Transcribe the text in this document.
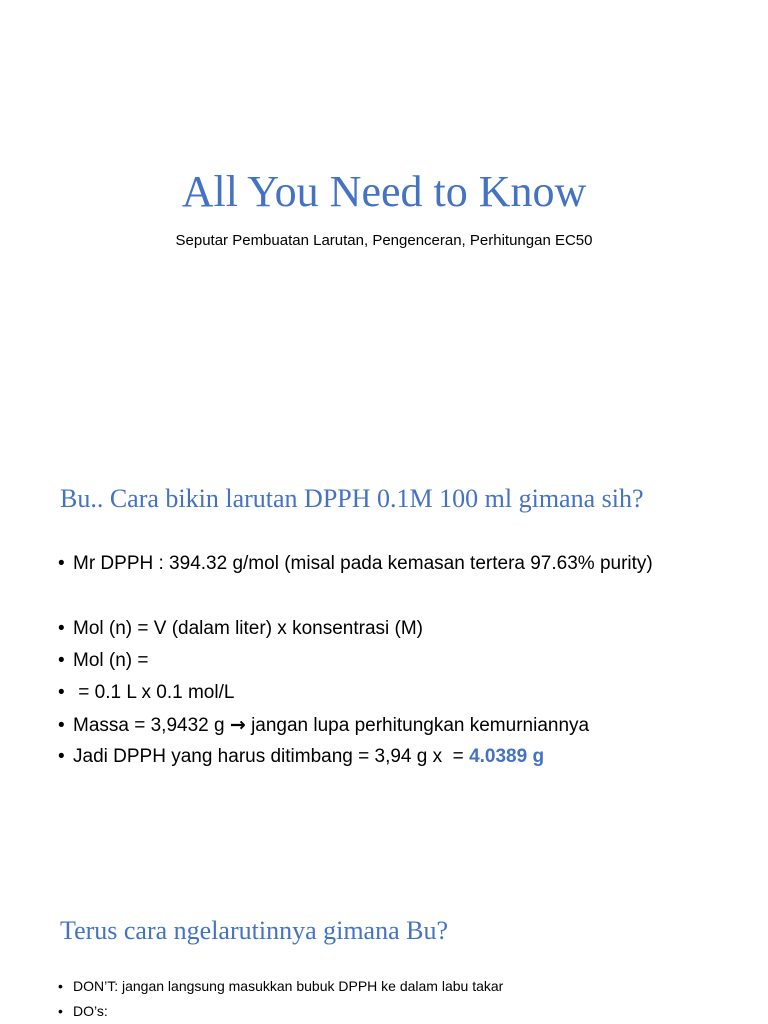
All You Need to Know
Seputar Pembuatan Larutan, Pengenceran, Perhitungan EC50
Bu.. Cara bikin larutan DPPH 0.1M 100 ml gimana sih?
• Mr DPPH : 394.32 g/mol (misal pada kemasan tertera 97.63% purity)
• Mol (n) = V (dalam liter) x konsentrasi (M)
• Mol (n) =
• = 0.1 L x 0.1 mol/L
• Massa = 3,9432 g → jangan lupa perhitungkan kemurniannya
• Jadi DPPH yang harus ditimbang = 3,94 g x  = 4.0389 g
Terus cara ngelarutinnya gimana Bu?
• DON’T: jangan langsung masukkan bubuk DPPH ke dalam labu takar
• DO’s:
